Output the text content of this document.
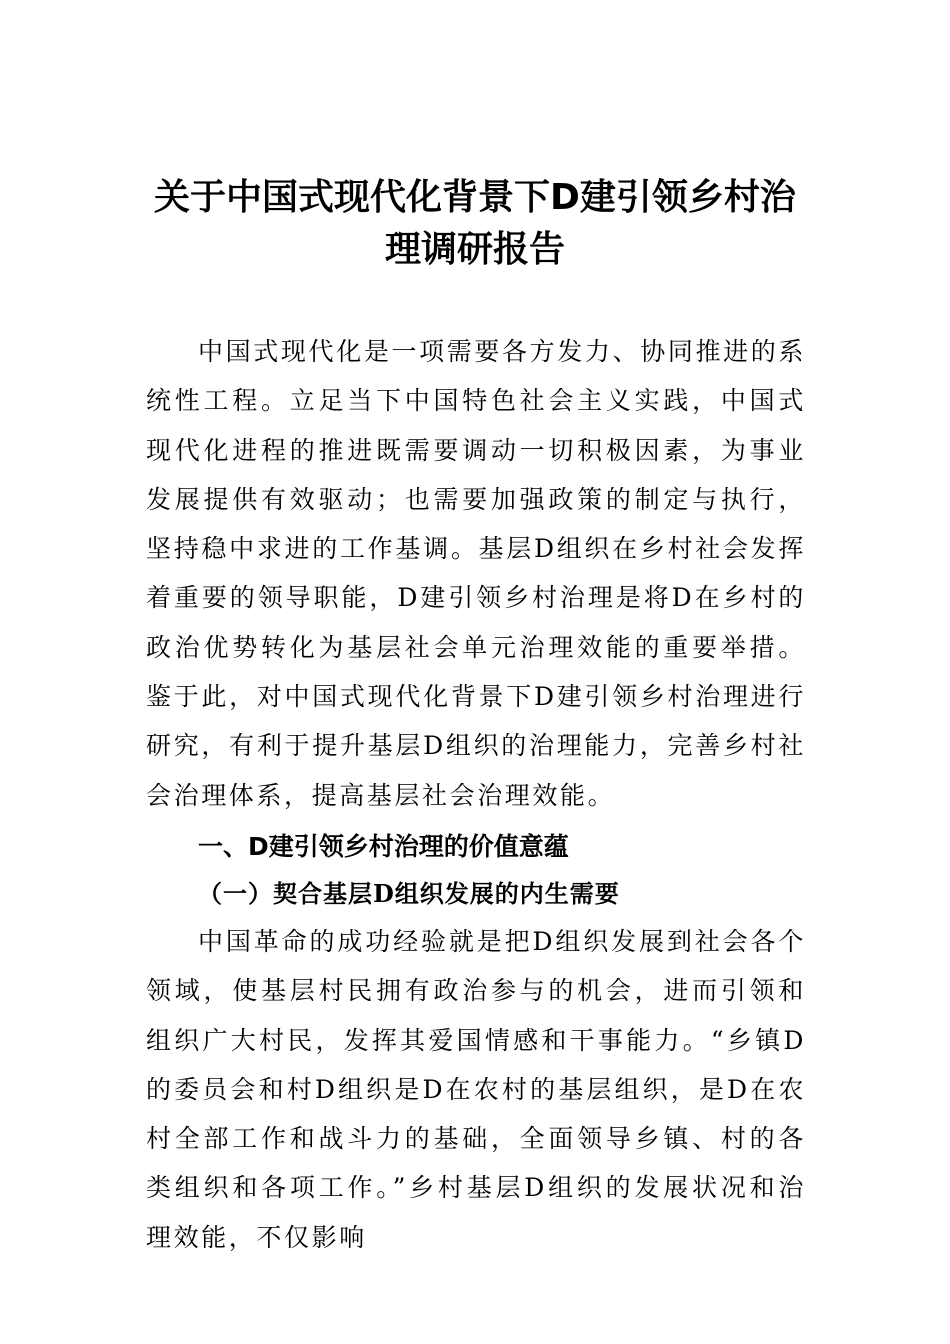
关于中国式现代化背景下D建引领乡村治
理调研报告

中国式现代化是一项需要各方发力、协同推进的系统性工程。立足当下中国特色社会主义实践，中国式现代化进程的推进既需要调动一切积极因素，为事业发展提供有效驱动；也需要加强政策的制定与执行，坚持稳中求进的工作基调。基层D组织在乡村社会发挥着重要的领导职能，D建引领乡村治理是将D在乡村的政治优势转化为基层社会单元治理效能的重要举措。鉴于此，对中国式现代化背景下D建引领乡村治理进行研究，有利于提升基层D组织的治理能力，完善乡村社会治理体系，提高基层社会治理效能。

一、D建引领乡村治理的价值意蕴
（一）契合基层D组织发展的内生需要

中国革命的成功经验就是把D组织发展到社会各个领域，使基层村民拥有政治参与的机会，进而引领和组织广大村民，发挥其爱国情感和干事能力。“乡镇D的委员会和村D组织是D在农村的基层组织，是D在农村全部工作和战斗力的基础，全面领导乡镇、村的各类组织和各项工作。”乡村基层D组织的发展状况和治理效能，不仅影响
